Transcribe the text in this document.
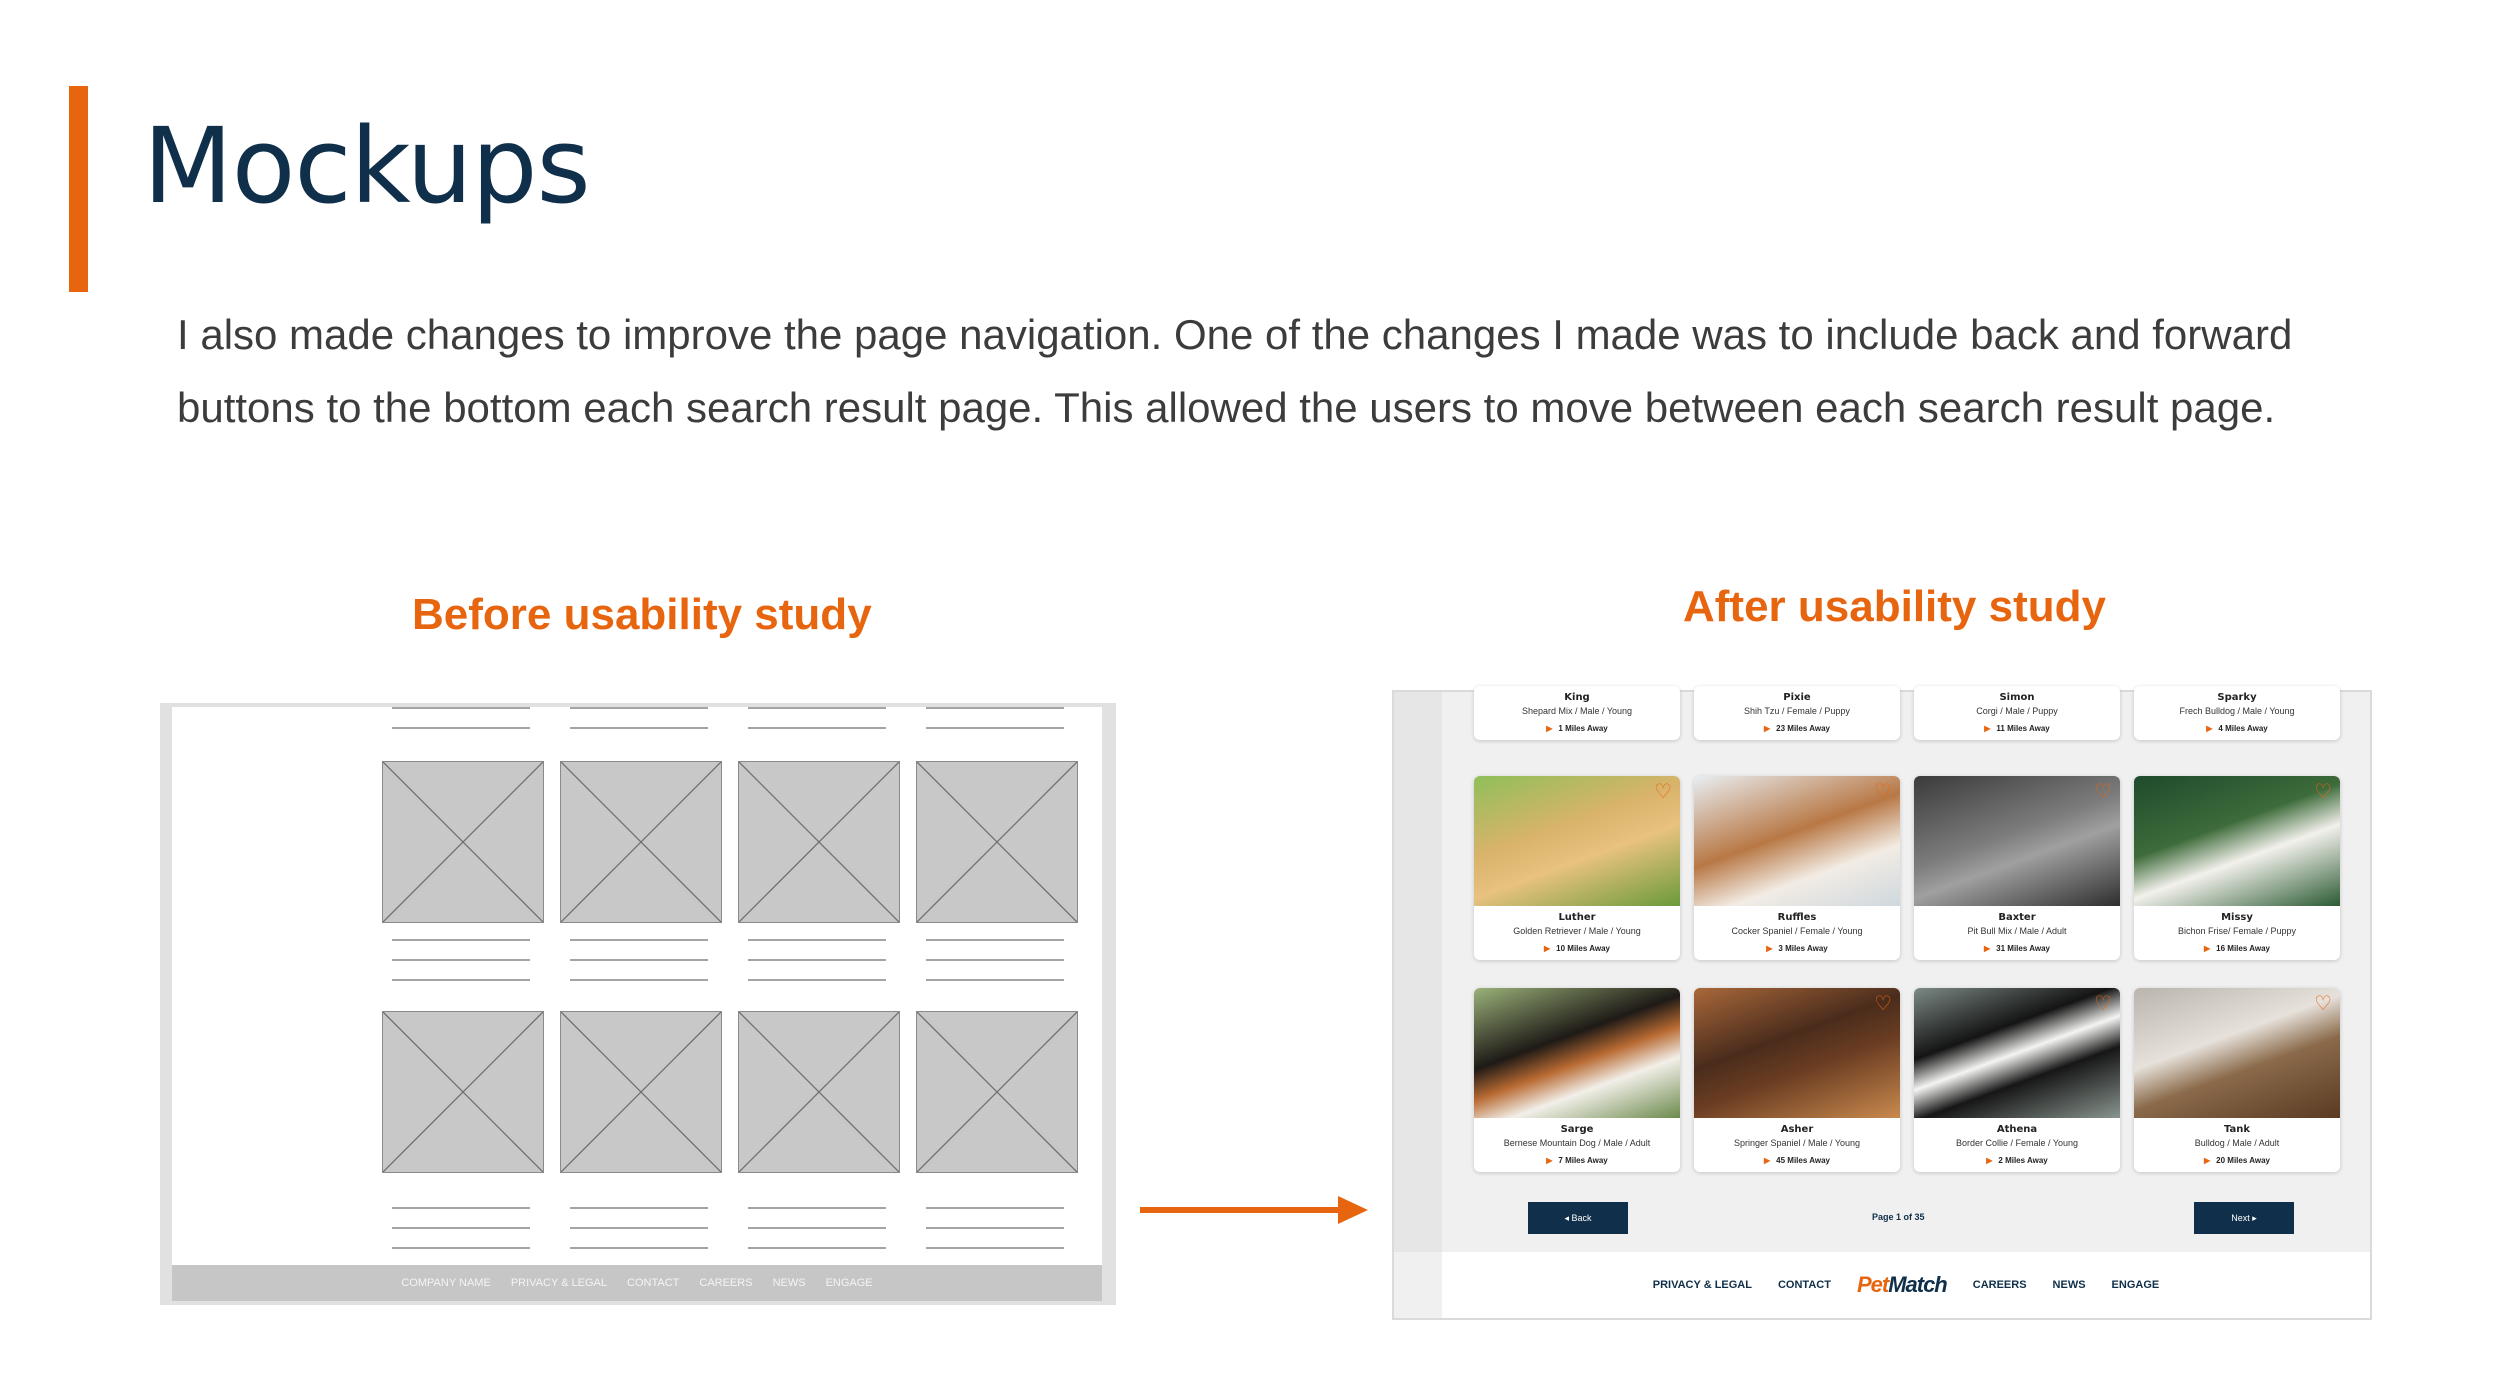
Mockups

I also made changes to improve the page navigation. One of the changes I made was to include back and forward buttons to the bottom each search result page. This allowed the users to move between each search result page.

Before usability study	After usability study
COMPANY NAME PRIVACY & LEGAL CONTACT CAREERS NEWS ENGAGE
King
Shepard Mix / Male / Young
▶ 1 Miles Away
Pixie
Shih Tzu / Female / Puppy
▶ 23 Miles Away
Simon
Corgi / Male / Puppy
▶ 11 Miles Away
Sparky
Frech Bulldog / Male / Young
▶ 4 Miles Away
♡
Luther
Golden Retriever / Male / Young
▶ 10 Miles Away
♡
Ruffles
Cocker Spaniel / Female / Young
▶ 3 Miles Away
♡
Baxter
Pit Bull Mix / Male / Adult
▶ 31 Miles Away
♡
Missy
Bichon Frise/ Female / Puppy
▶ 16 Miles Away
Sarge
Bernese Mountain Dog / Male / Adult
▶ 7 Miles Away
♡
Asher
Springer Spaniel / Male / Young
▶ 45 Miles Away
♡
Athena
Border Collie / Female / Young
▶ 2 Miles Away
♡
Tank
Bulldog / Male / Adult
▶ 20 Miles Away
◂ Back	Page 1 of 35	Next ▸
PRIVACY & LEGAL CONTACT PetMatch CAREERS NEWS ENGAGE
